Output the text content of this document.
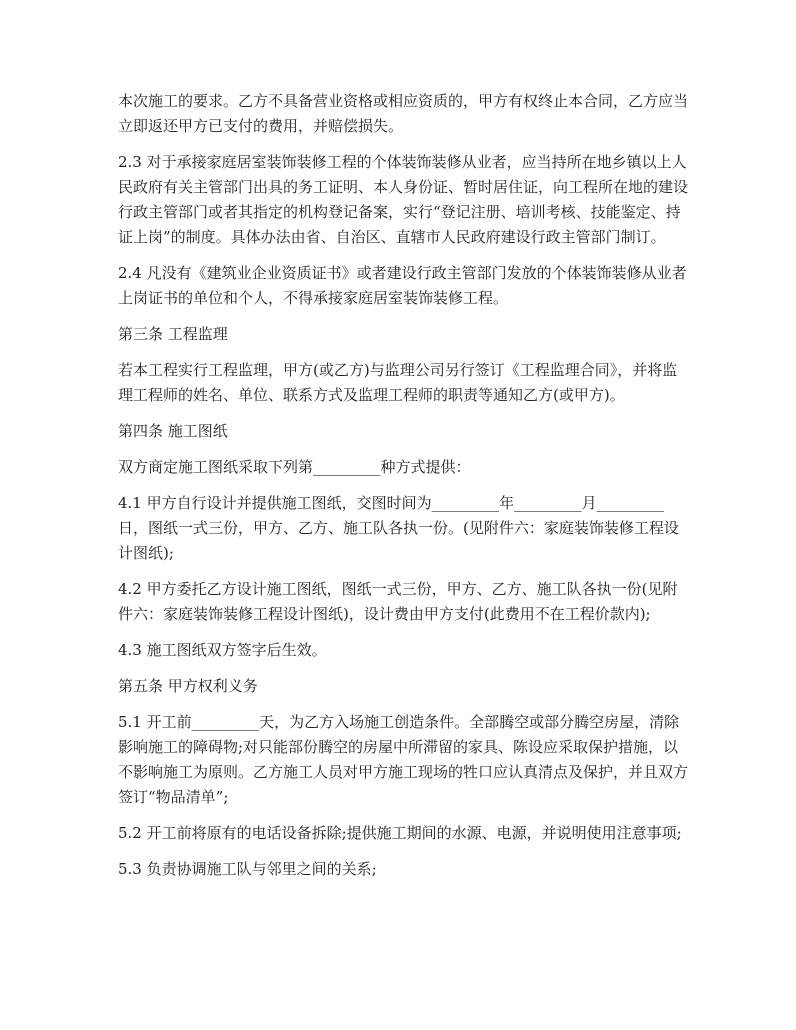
本次施工的要求。乙方不具备营业资格或相应资质的，甲方有权终止本合同，乙方应当立即返还甲方已支付的费用，并赔偿损失。

2.3 对于承接家庭居室装饰装修工程的个体装饰装修从业者，应当持所在地乡镇以上人民政府有关主管部门出具的务工证明、本人身份证、暂时居住证，向工程所在地的建设行政主管部门或者其指定的机构登记备案，实行“登记注册、培训考核、技能鉴定、持证上岗”的制度。具体办法由省、自治区、直辖市人民政府建设行政主管部门制订。

2.4 凡没有《建筑业企业资质证书》或者建设行政主管部门发放的个体装饰装修从业者上岗证书的单位和个人，不得承接家庭居室装饰装修工程。

第三条 工程监理

若本工程实行工程监理，甲方(或乙方)与监理公司另行签订《工程监理合同》，并将监理工程师的姓名、单位、联系方式及监理工程师的职责等通知乙方(或甲方)。

第四条 施工图纸

双方商定施工图纸采取下列第_________种方式提供：

4.1 甲方自行设计并提供施工图纸，交图时间为_________年_________月_________日，图纸一式三份，甲方、乙方、施工队各执一份。(见附件六：家庭装饰装修工程设计图纸);

4.2 甲方委托乙方设计施工图纸，图纸一式三份，甲方、乙方、施工队各执一份(见附件六：家庭装饰装修工程设计图纸)，设计费由甲方支付(此费用不在工程价款内);

4.3 施工图纸双方签字后生效。

第五条 甲方权利义务

5.1 开工前_________天，为乙方入场施工创造条件。全部腾空或部分腾空房屋，清除影响施工的障碍物;对只能部份腾空的房屋中所滞留的家具、陈设应采取保护措施，以不影响施工为原则。乙方施工人员对甲方施工现场的牲口应认真清点及保护，并且双方签订“物品清单”;

5.2 开工前将原有的电话设备拆除;提供施工期间的水源、电源，并说明使用注意事项;

5.3 负责协调施工队与邻里之间的关系;
